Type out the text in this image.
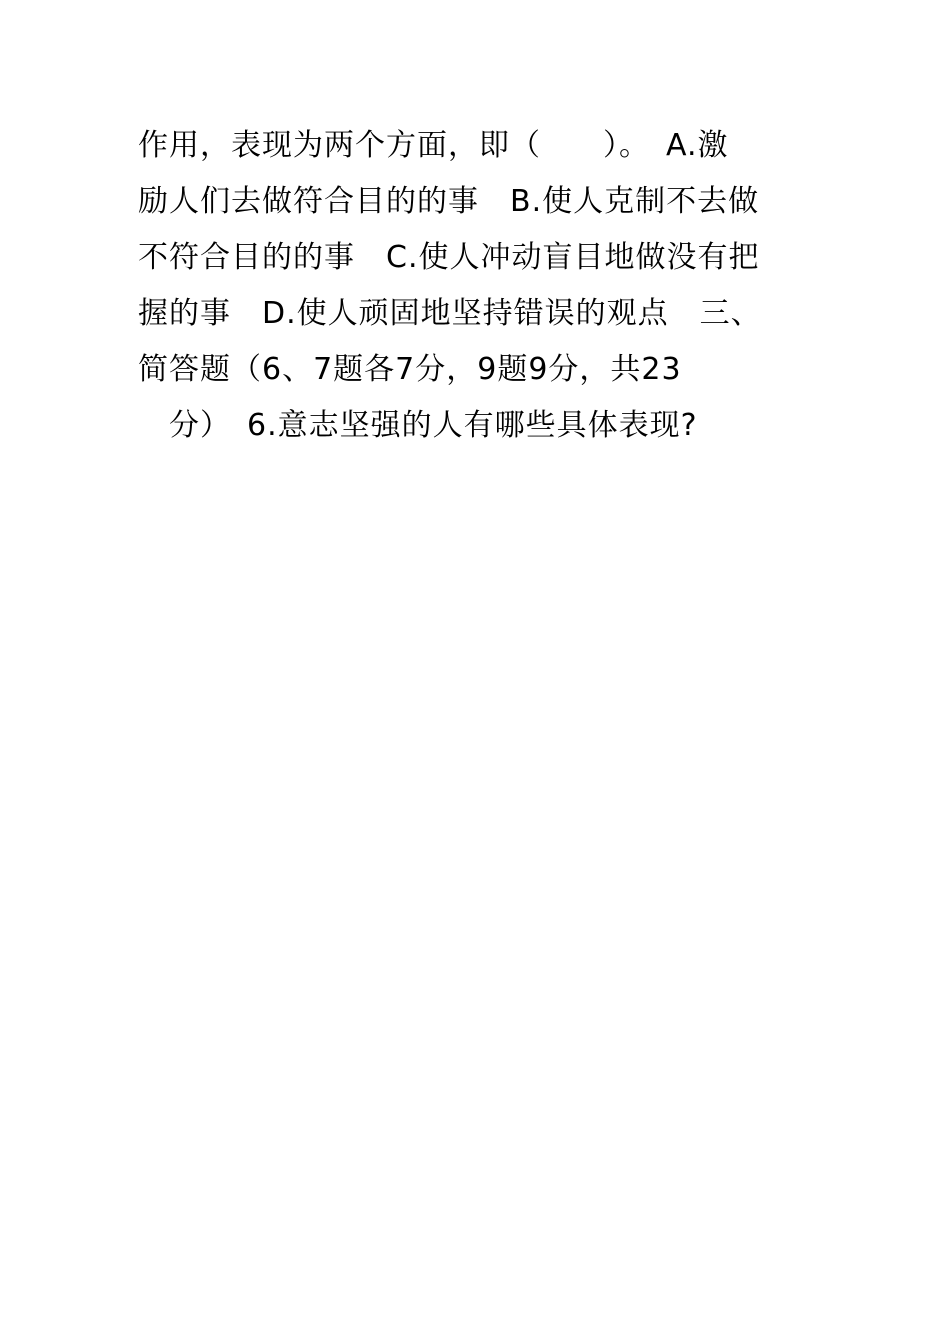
作用，表现为两个方面，即（　　）。　A.激
励人们去做符合目的的事　B.使人克制不去做
不符合目的的事　C.使人冲动盲目地做没有把
握的事　D.使人顽固地坚持错误的观点　三、
简答题（6、7题各7分，9题9分，共23
　分）　6.意志坚强的人有哪些具体表现?
